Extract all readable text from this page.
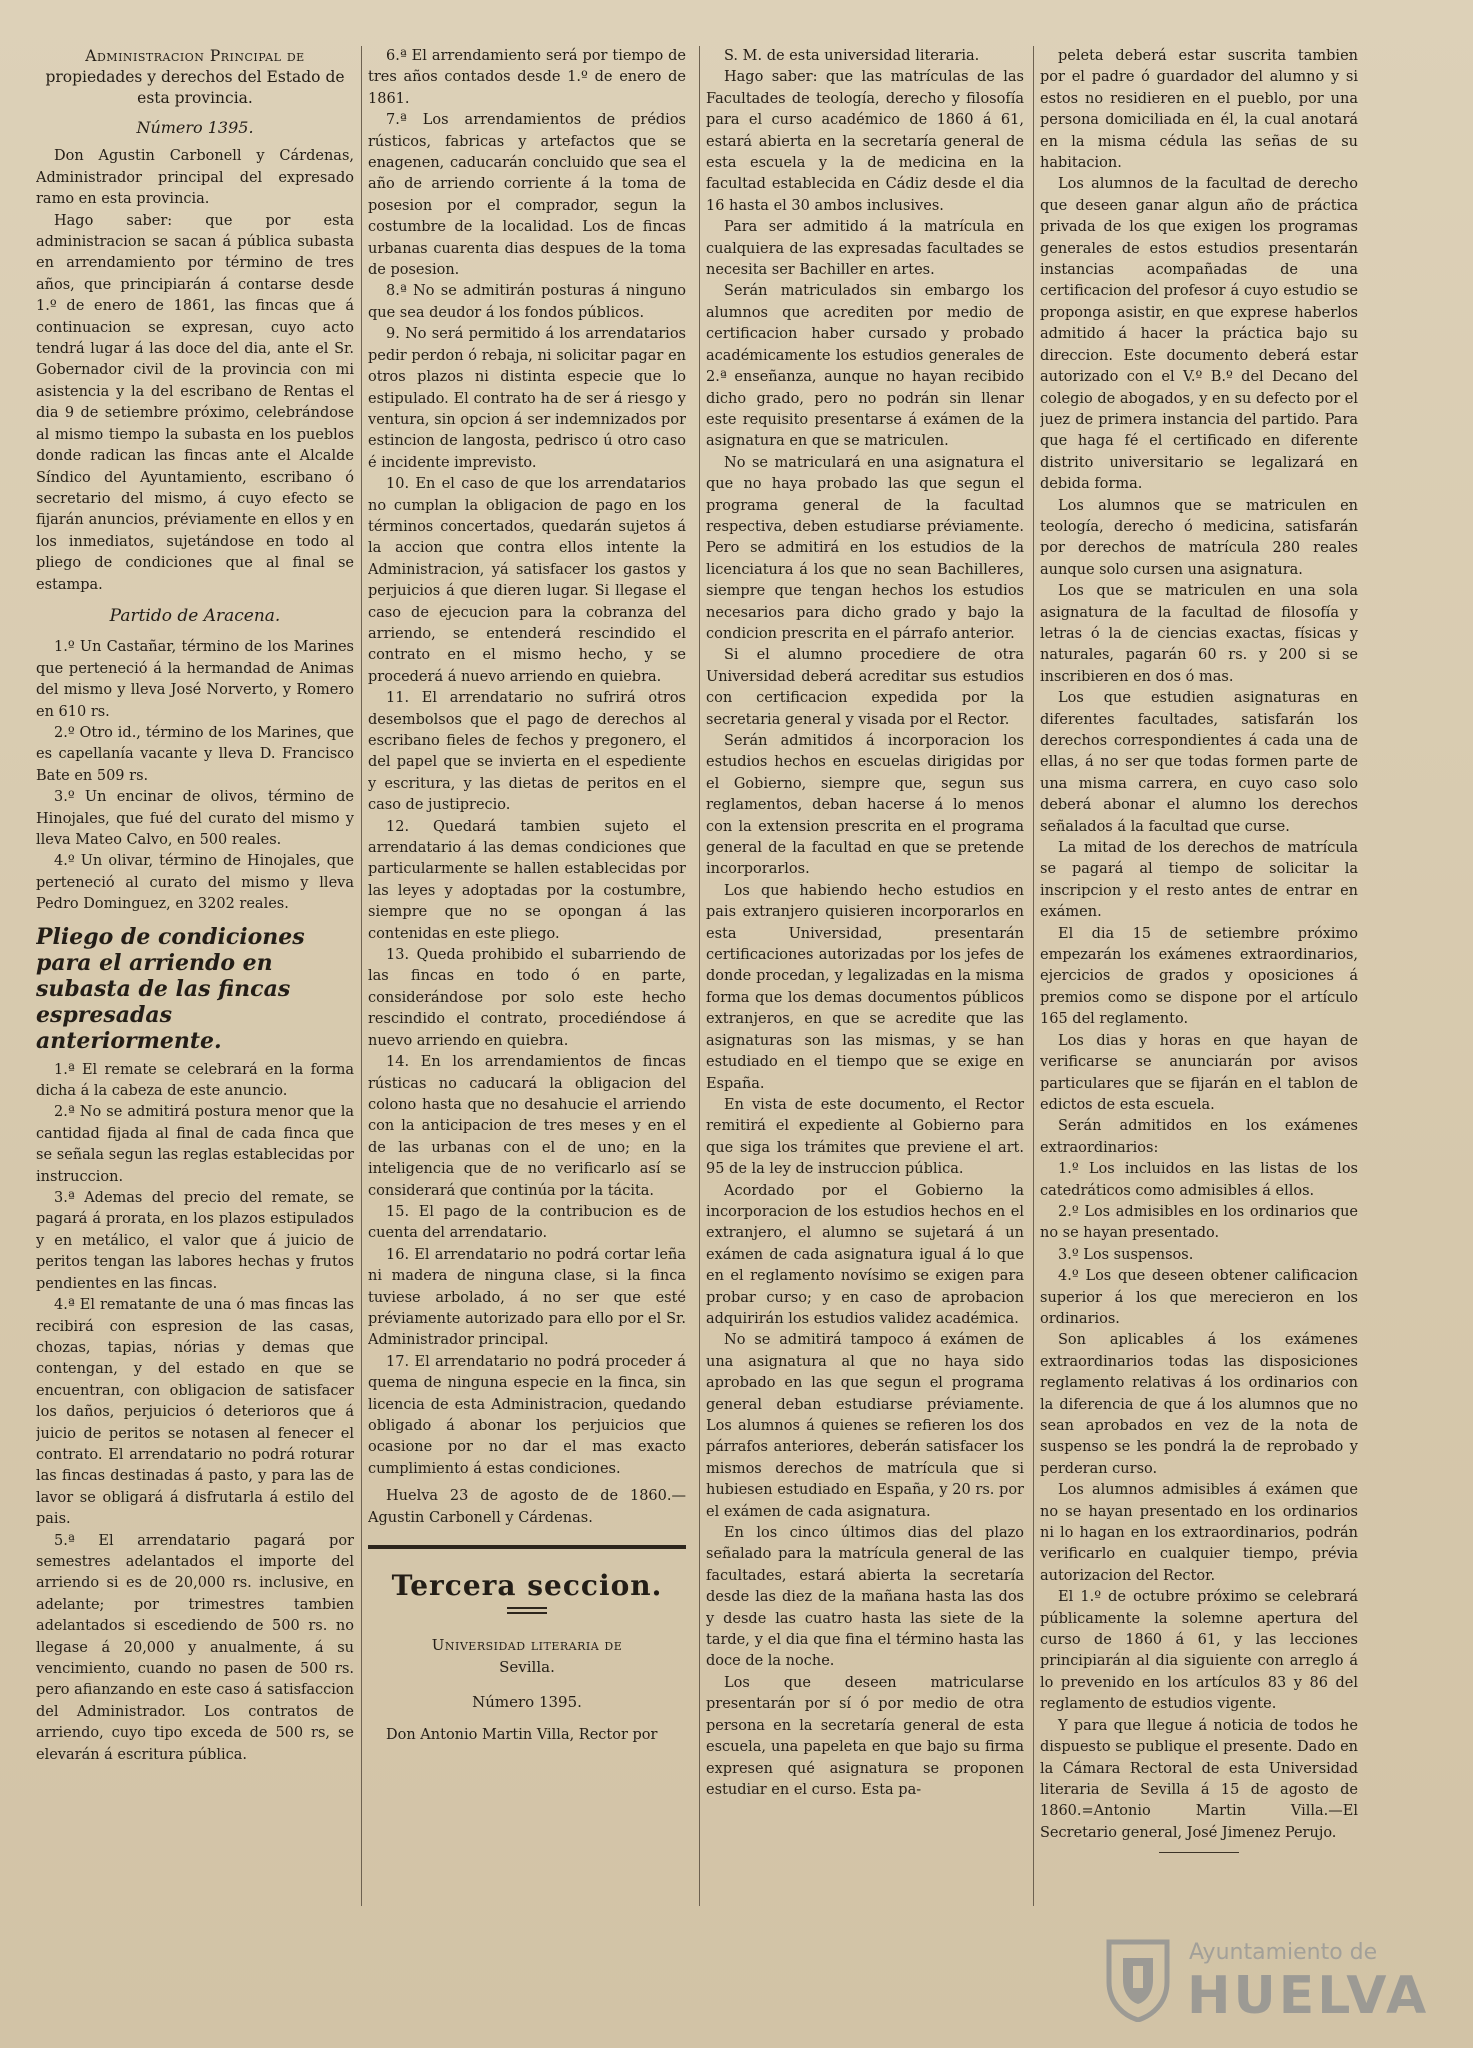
Administracion Principal de
propiedades y derechos del Estado de esta provincia.

Número 1395.

Don Agustin Carbonell y Cárdenas, Administrador principal del expresado ramo en esta provincia.

Hago saber: que por esta administracion se sacan á pública subasta en arrendamiento por término de tres años, que principiarán á contarse desde 1.º de enero de 1861, las fincas que á continuacion se expresan, cuyo acto tendrá lugar á las doce del dia, ante el Sr. Gobernador civil de la provincia con mi asistencia y la del escribano de Rentas el dia 9 de setiembre próximo, celebrándose al mismo tiempo la subasta en los pueblos donde radican las fincas ante el Alcalde Síndico del Ayuntamiento, escribano ó secretario del mismo, á cuyo efecto se fijarán anuncios, préviamente en ellos y en los inmediatos, sujetándose en todo al pliego de condiciones que al final se estampa.

Partido de Aracena.

1.º Un Castañar, término de los Marines que perteneció á la hermandad de Animas del mismo y lleva José Norverto, y Romero en 610 rs.

2.º Otro id., término de los Marines, que es capellanía vacante y lleva D. Francisco Bate en 509 rs.

3.º Un encinar de olivos, término de Hinojales, que fué del curato del mismo y lleva Mateo Calvo, en 500 reales.

4.º Un olivar, término de Hinojales, que perteneció al curato del mismo y lleva Pedro Dominguez, en 3202 reales.

Pliego de condiciones para el arriendo en subasta de las fincas espresadas anteriormente.

1.ª El remate se celebrará en la forma dicha á la cabeza de este anuncio.

2.ª No se admitirá postura menor que la cantidad fijada al final de cada finca que se señala segun las reglas establecidas por instruccion.

3.ª Ademas del precio del remate, se pagará á prorata, en los plazos estipulados y en metálico, el valor que á juicio de peritos tengan las labores hechas y frutos pendientes en las fincas.

4.ª El rematante de una ó mas fincas las recibirá con espresion de las casas, chozas, tapias, nórias y demas que contengan, y del estado en que se encuentran, con obligacion de satisfacer los daños, perjuicios ó deterioros que á juicio de peritos se notasen al fenecer el contrato. El arrendatario no podrá roturar las fincas destinadas á pasto, y para las de lavor se obligará á disfrutarla á estilo del pais.

5.ª El arrendatario pagará por semestres adelantados el importe del arriendo si es de 20,000 rs. inclusive, en adelante; por trimestres tambien adelantados si escediendo de 500 rs. no llegase á 20,000 y anualmente, á su vencimiento, cuando no pasen de 500 rs. pero afianzando en este caso á satisfaccion del Administrador. Los contratos de arriendo, cuyo tipo exceda de 500 rs, se elevarán á escritura pública.

6.ª El arrendamiento será por tiempo de tres años contados desde 1.º de enero de 1861.

7.ª Los arrendamientos de prédios rústicos, fabricas y artefactos que se enagenen, caducarán concluido que sea el año de arriendo corriente á la toma de posesion por el comprador, segun la costumbre de la localidad. Los de fincas urbanas cuarenta dias despues de la toma de posesion.

8.ª No se admitirán posturas á ninguno que sea deudor á los fondos públicos.

9. No será permitido á los arrendatarios pedir perdon ó rebaja, ni solicitar pagar en otros plazos ni distinta especie que lo estipulado. El contrato ha de ser á riesgo y ventura, sin opcion á ser indemnizados por estincion de langosta, pedrisco ú otro caso é incidente imprevisto.

10. En el caso de que los arrendatarios no cumplan la obligacion de pago en los términos concertados, quedarán sujetos á la accion que contra ellos intente la Administracion, yá satisfacer los gastos y perjuicios á que dieren lugar. Si llegase el caso de ejecucion para la cobranza del arriendo, se entenderá rescindido el contrato en el mismo hecho, y se procederá á nuevo arriendo en quiebra.

11. El arrendatario no sufrirá otros desembolsos que el pago de derechos al escribano fieles de fechos y pregonero, el del papel que se invierta en el espediente y escritura, y las dietas de peritos en el caso de justiprecio.

12. Quedará tambien sujeto el arrendatario á las demas condiciones que particularmente se hallen establecidas por las leyes y adoptadas por la costumbre, siempre que no se opongan á las contenidas en este pliego.

13. Queda prohibido el subarriendo de las fincas en todo ó en parte, considerándose por solo este hecho rescindido el contrato, procediéndose á nuevo arriendo en quiebra.

14. En los arrendamientos de fincas rústicas no caducará la obligacion del colono hasta que no desahucie el arriendo con la anticipacion de tres meses y en el de las urbanas con el de uno; en la inteligencia que de no verificarlo así se considerará que continúa por la tácita.

15. El pago de la contribucion es de cuenta del arrendatario.

16. El arrendatario no podrá cortar leña ni madera de ninguna clase, si la finca tuviese arbolado, á no ser que esté préviamente autorizado para ello por el Sr. Administrador principal.

17. El arrendatario no podrá proceder á quema de ninguna especie en la finca, sin licencia de esta Administracion, quedando obligado á abonar los perjuicios que ocasione por no dar el mas exacto cumplimiento á estas condiciones.

Huelva 23 de agosto de de 1860.—Agustin Carbonell y Cárdenas.

Tercera seccion.

Universidad literaria de
Sevilla.

Número 1395.

Don Antonio Martin Villa, Rector por

S. M. de esta universidad literaria.

Hago saber: que las matrículas de las Facultades de teología, derecho y filosofía para el curso académico de 1860 á 61, estará abierta en la secretaría general de esta escuela y la de medicina en la facultad establecida en Cádiz desde el dia 16 hasta el 30 ambos inclusives.

Para ser admitido á la matrícula en cualquiera de las expresadas facultades se necesita ser Bachiller en artes.

Serán matriculados sin embargo los alumnos que acrediten por medio de certificacion haber cursado y probado académicamente los estudios generales de 2.ª enseñanza, aunque no hayan recibido dicho grado, pero no podrán sin llenar este requisito presentarse á exámen de la asignatura en que se matriculen.

No se matriculará en una asignatura el que no haya probado las que segun el programa general de la facultad respectiva, deben estudiarse préviamente. Pero se admitirá en los estudios de la licenciatura á los que no sean Bachilleres, siempre que tengan hechos los estudios necesarios para dicho grado y bajo la condicion prescrita en el párrafo anterior.

Si el alumno procediere de otra Universidad deberá acreditar sus estudios con certificacion expedida por la secretaria general y visada por el Rector.

Serán admitidos á incorporacion los estudios hechos en escuelas dirigidas por el Gobierno, siempre que, segun sus reglamentos, deban hacerse á lo menos con la extension prescrita en el programa general de la facultad en que se pretende incorporarlos.

Los que habiendo hecho estudios en pais extranjero quisieren incorporarlos en esta Universidad, presentarán certificaciones autorizadas por los jefes de donde procedan, y legalizadas en la misma forma que los demas documentos públicos extranjeros, en que se acredite que las asignaturas son las mismas, y se han estudiado en el tiempo que se exige en España.

En vista de este documento, el Rector remitirá el expediente al Gobierno para que siga los trámites que previene el art. 95 de la ley de instruccion pública.

Acordado por el Gobierno la incorporacion de los estudios hechos en el extranjero, el alumno se sujetará á un exámen de cada asignatura igual á lo que en el reglamento novísimo se exigen para probar curso; y en caso de aprobacion adquirirán los estudios validez académica.

No se admitirá tampoco á exámen de una asignatura al que no haya sido aprobado en las que segun el programa general deban estudiarse préviamente. Los alumnos á quienes se refieren los dos párrafos anteriores, deberán satisfacer los mismos derechos de matrícula que si hubiesen estudiado en España, y 20 rs. por el exámen de cada asignatura.

En los cinco últimos dias del plazo señalado para la matrícula general de las facultades, estará abierta la secretaría desde las diez de la mañana hasta las dos y desde las cuatro hasta las siete de la tarde, y el dia que fina el término hasta las doce de la noche.

Los que deseen matricularse presentarán por sí ó por medio de otra persona en la secretaría general de esta escuela, una papeleta en que bajo su firma expresen qué asignatura se proponen estudiar en el curso. Esta pa-

peleta deberá estar suscrita tambien por el padre ó guardador del alumno y si estos no residieren en el pueblo, por una persona domiciliada en él, la cual anotará en la misma cédula las señas de su habitacion.

Los alumnos de la facultad de derecho que deseen ganar algun año de práctica privada de los que exigen los programas generales de estos estudios presentarán instancias acompañadas de una certificacion del profesor á cuyo estudio se proponga asistir, en que exprese haberlos admitido á hacer la práctica bajo su direccion. Este documento deberá estar autorizado con el V.º B.º del Decano del colegio de abogados, y en su defecto por el juez de primera instancia del partido. Para que haga fé el certificado en diferente distrito universitario se legalizará en debida forma.

Los alumnos que se matriculen en teología, derecho ó medicina, satisfarán por derechos de matrícula 280 reales aunque solo cursen una asignatura.

Los que se matriculen en una sola asignatura de la facultad de filosofía y letras ó la de ciencias exactas, físicas y naturales, pagarán 60 rs. y 200 si se inscribieren en dos ó mas.

Los que estudien asignaturas en diferentes facultades, satisfarán los derechos correspondientes á cada una de ellas, á no ser que todas formen parte de una misma carrera, en cuyo caso solo deberá abonar el alumno los derechos señalados á la facultad que curse.

La mitad de los derechos de matrícula se pagará al tiempo de solicitar la inscripcion y el resto antes de entrar en exámen.

El dia 15 de setiembre próximo empezarán los exámenes extraordinarios, ejercicios de grados y oposiciones á premios como se dispone por el artículo 165 del reglamento.

Los dias y horas en que hayan de verificarse se anunciarán por avisos particulares que se fijarán en el tablon de edictos de esta escuela.

Serán admitidos en los exámenes extraordinarios:

1.º Los incluidos en las listas de los catedráticos como admisibles á ellos.

2.º Los admisibles en los ordinarios que no se hayan presentado.

3.º Los suspensos.

4.º Los que deseen obtener calificacion superior á los que merecieron en los ordinarios.

Son aplicables á los exámenes extraordinarios todas las disposiciones reglamento relativas á los ordinarios con la diferencia de que á los alumnos que no sean aprobados en vez de la nota de suspenso se les pondrá la de reprobado y perderan curso.

Los alumnos admisibles á exámen que no se hayan presentado en los ordinarios ni lo hagan en los extraordinarios, podrán verificarlo en cualquier tiempo, prévia autorizacion del Rector.

El 1.º de octubre próximo se celebrará públicamente la solemne apertura del curso de 1860 á 61, y las lecciones principiarán al dia siguiente con arreglo á lo prevenido en los artículos 83 y 86 del reglamento de estudios vigente.

Y para que llegue á noticia de todos he dispuesto se publique el presente. Dado en la Cámara Rectoral de esta Universidad literaria de Sevilla á 15 de agosto de 1860.=Antonio Martin Villa.—El Secretario general, José Jimenez Perujo.

Ayuntamiento de
HUELVA
